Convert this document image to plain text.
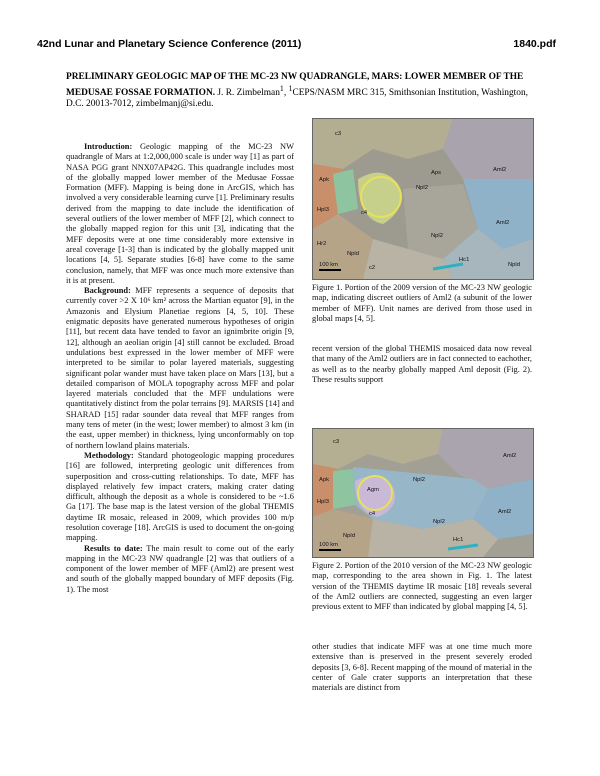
42nd Lunar and Planetary Science Conference (2011)	1840.pdf
PRELIMINARY GEOLOGIC MAP OF THE MC-23 NW QUADRANGLE, MARS: LOWER MEMBER OF THE MEDUSAE FOSSAE FORMATION. J. R. Zimbelman$^1$, $^1$CEPS/NASM MRC 315, Smithsonian Institution, Washington, D.C. 20013-7012, zimbelmanj@si.edu.

Introduction: Geologic mapping of the MC-23 NW quadrangle of Mars at 1:2,000,000 scale is under way [1] as part of NASA PGG grant NNX07AP42G. This quadrangle includes most of the globally mapped lower member of the Medusae Fossae Formation (MFF). Mapping is being done in ArcGIS, which has involved a very considerable learning curve [1]. Preliminary results derived from the mapping to date include the identification of several outliers of the lower member of MFF [2], which connect to the globally mapped region for this unit [3], indicating that the MFF deposits were at one time considerably more extensive in areal coverage [1-3] than is indicated by the globally mapped unit locations [4, 5]. Separate studies [6-8] have come to the same conclusion, namely, that MFF was once much more extensive than it is at present.

Background: MFF represents a sequence of deposits that currently cover >2 X 10⁶ km² across the Martian equator [9], in the Amazonis and Elysium Planetiae regions [4, 5, 10]. These enigmatic deposits have generated numerous hypotheses of origin [11], but recent data have tended to favor an ignimbrite origin [9, 12], although an aeolian origin [4] still cannot be excluded. Broad undulations best expressed in the lower member of MFF were interpreted to be similar to polar layered materials, suggesting significant polar wander must have taken place on Mars [13], but a detailed comparison of MOLA topography across MFF and polar layered materials concluded that the MFF undulations were quantitatively distinct from the polar terrains [9]. MARSIS [14] and SHARAD [15] radar sounder data reveal that MFF ranges from many tens of meter (in the west; lower member) to almost 3 km (in the east, upper member) in thickness, lying unconformably on top of northern lowland plains materials.

Methodology: Standard photogeologic mapping procedures [16] are followed, interpreting geologic unit differences from superposition and cross-cutting relationships. To date, MFF has displayed relatively few impact craters, making crater dating difficult, although the deposit as a whole is considered to be ~1.6 Ga [17]. The base map is the latest version of the global THEMIS daytime IR mosaic, released in 2009, which provides 100 m/p resolution coverage [18]. ArcGIS is used to document the on-going mapping.

Results to date: The main result to come out of the early mapping in the MC-23 NW quadrangle [2] was that outliers of a component of the lower member of MFF (Aml2) are present west and south of the globally mapped boundary of MFF deposits (Fig. 1). The most

c3
Aps
Apk
Aml2
Npl2
Hpl3	c4
Aml2
Npl2
Npld
Hc1
Npld
Hr2
c2
100 km
Figure 1. Portion of the 2009 version of the MC-23 NW geologic map, indicating discreet outliers of Aml2 (a subunit of the lower member of MFF). Unit names are derived from those used in global maps [4, 5].
recent version of the global THEMIS mosaiced data now reveal that many of the Aml2 outliers are in fact connected to eachother, as well as to the nearby globally mapped Aml deposit (Fig. 2). These results support
c3
Aml2
Apk	Npl2
Hpl3
Agm
c4	Aml2
Npl2
Npld
Hc1
100 km
Figure 2. Portion of the 2010 version of the MC-23 NW geologic map, corresponding to the area shown in Fig. 1. The latest version of the THEMIS daytime IR mosaic [18] reveals several of the Aml2 outliers are connected, suggesting an even larger previous extent to MFF than indicated by global mapping [4, 5].
other studies that indicate MFF was at one time much more extensive than is preserved in the present severely eroded deposits [3, 6-8]. Recent mapping of the mound of material in the center of Gale crater supports an interpretation that these materials are distinct from
